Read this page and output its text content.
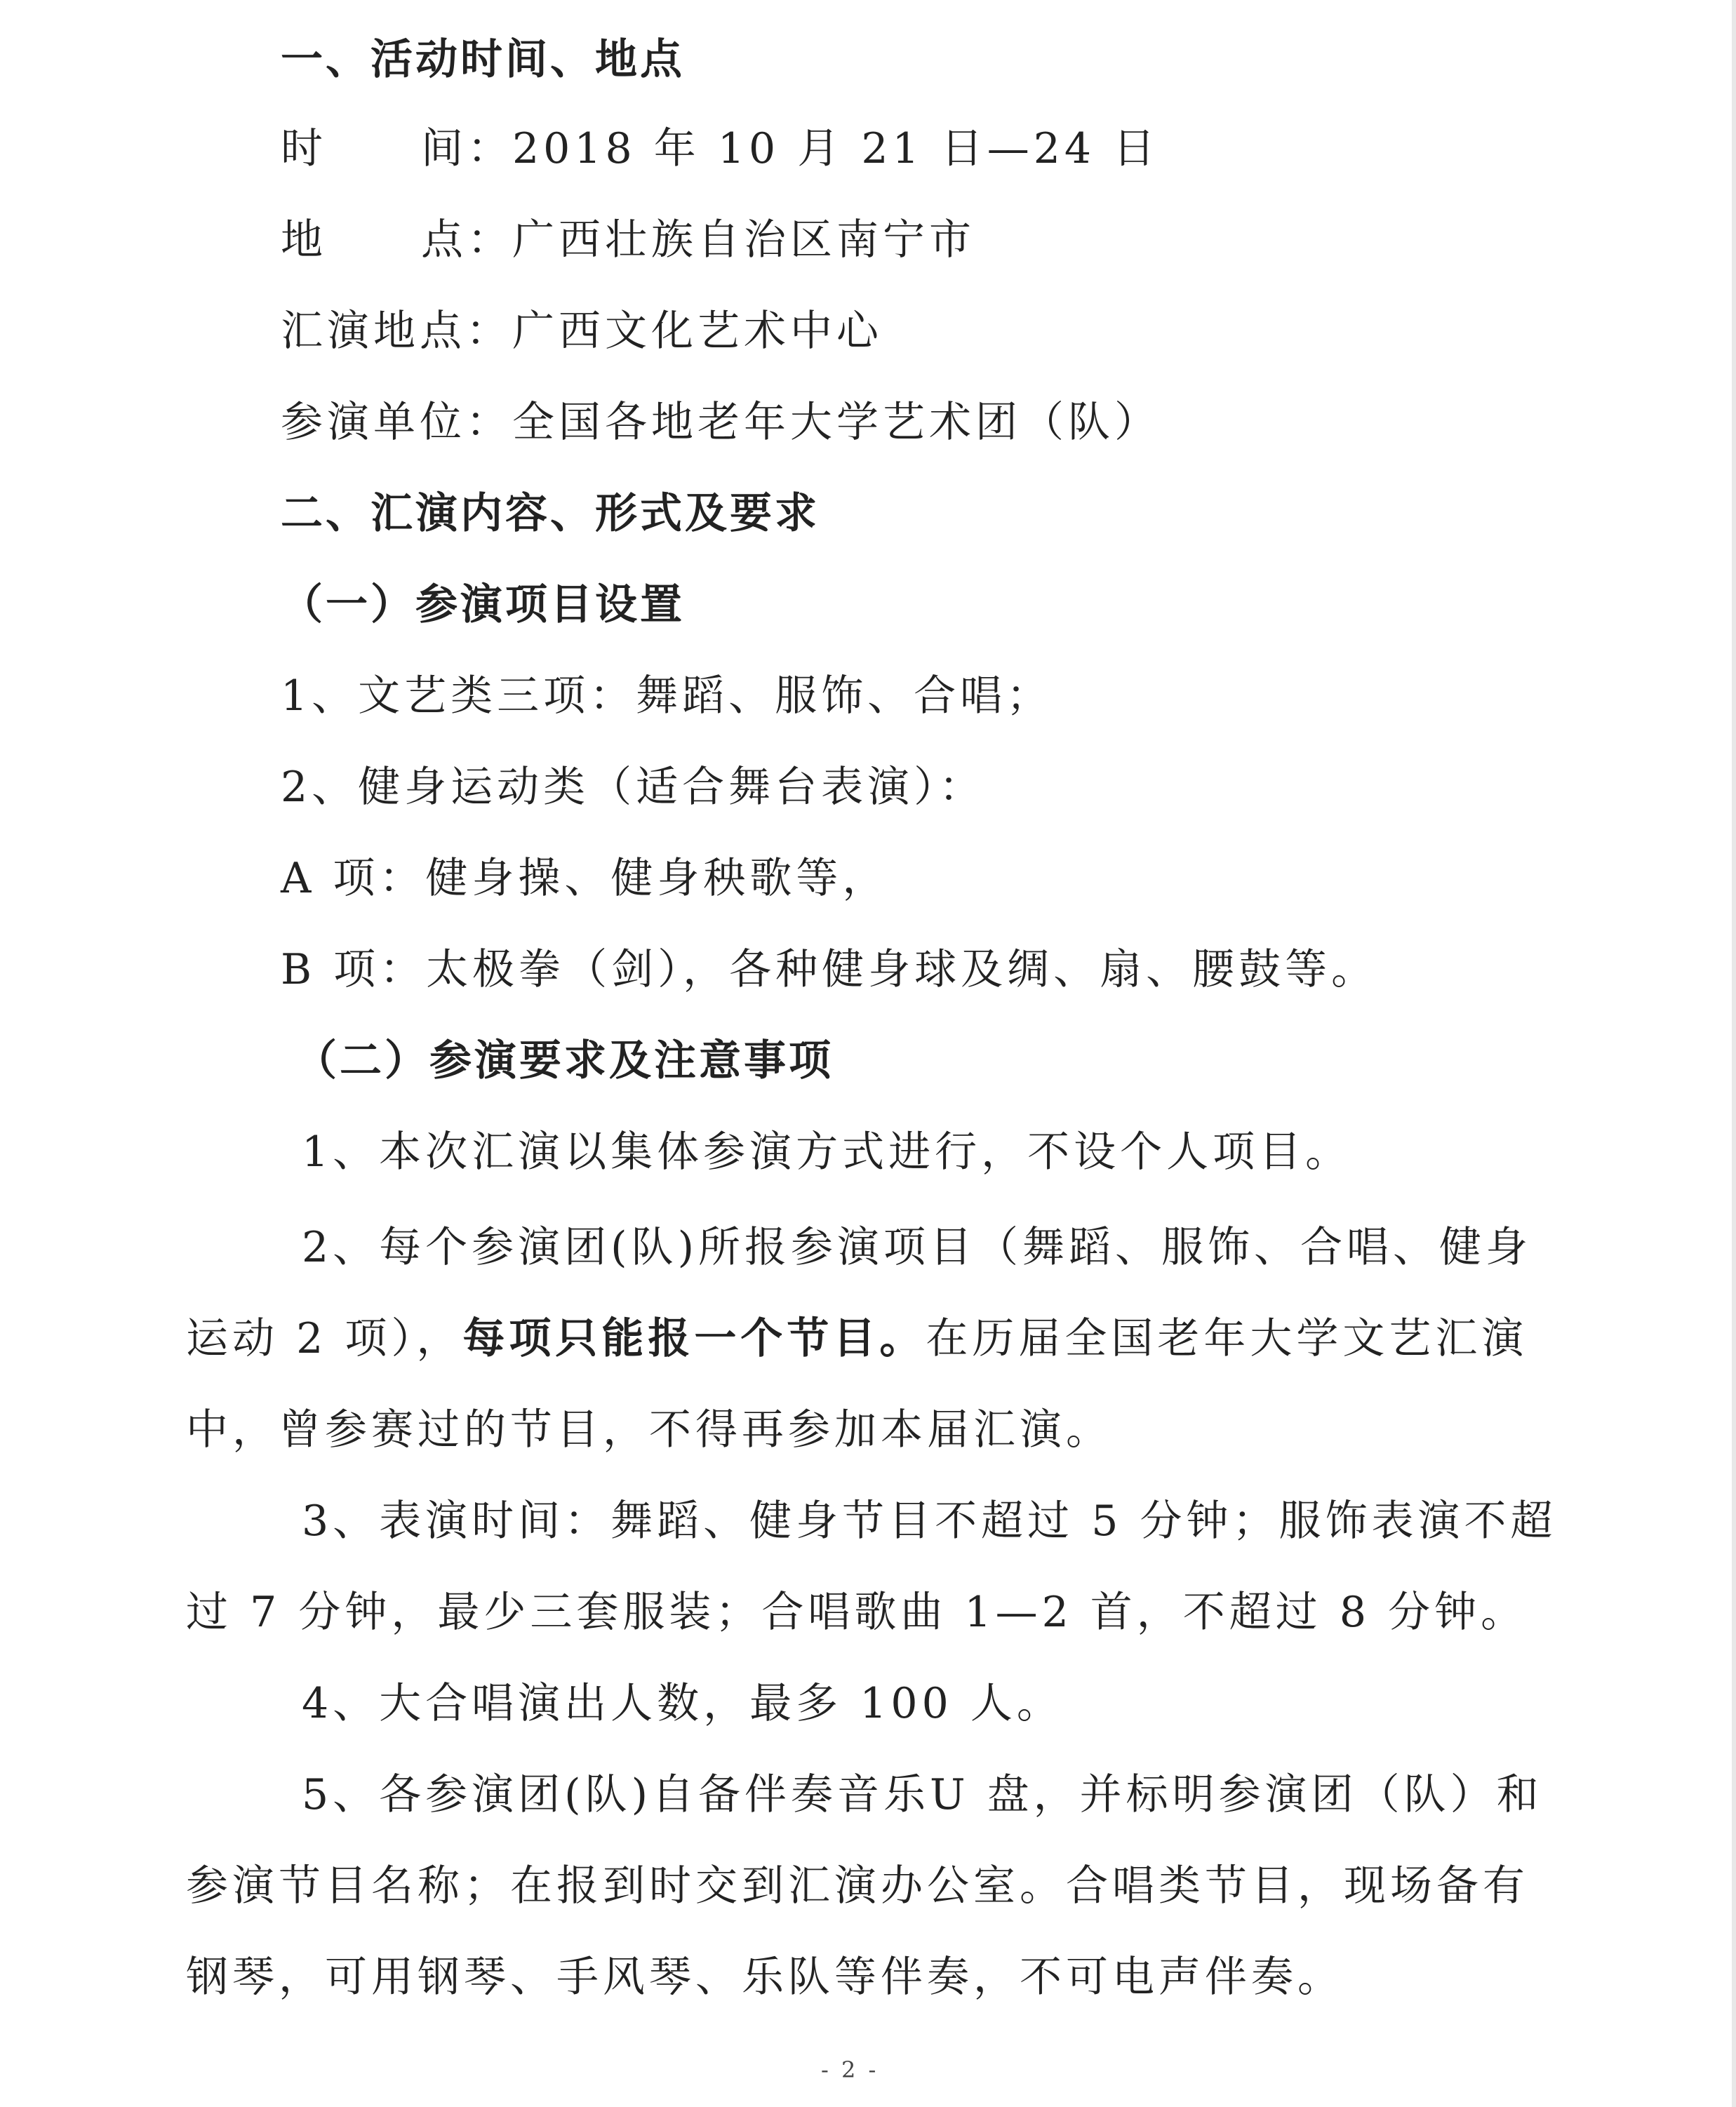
一、活动时间、地点
时 间：2018 年 10 月 21 日—24 日
地 点：广西壮族自治区南宁市
汇演地点：广西文化艺术中心
参演单位：全国各地老年大学艺术团（队）
二、汇演内容、形式及要求
（一）参演项目设置
1、文艺类三项：舞蹈、服饰、合唱；
2、健身运动类（适合舞台表演）：
A 项：健身操、健身秧歌等，
B 项：太极拳（剑），各种健身球及绸、扇、腰鼓等。
（二）参演要求及注意事项
1、本次汇演以集体参演方式进行，不设个人项目。
2、每个参演团(队)所报参演项目（舞蹈、服饰、合唱、健身
运动 2 项），每项只能报一个节目。在历届全国老年大学文艺汇演
中，曾参赛过的节目，不得再参加本届汇演。
3、表演时间：舞蹈、健身节目不超过 5 分钟；服饰表演不超
过 7 分钟，最少三套服装；合唱歌曲 1—2 首，不超过 8 分钟。
4、大合唱演出人数，最多 100 人。
5、各参演团(队)自备伴奏音乐U 盘，并标明参演团（队）和
参演节目名称；在报到时交到汇演办公室。合唱类节目，现场备有
钢琴，可用钢琴、手风琴、乐队等伴奏，不可电声伴奏。
- 2 -
